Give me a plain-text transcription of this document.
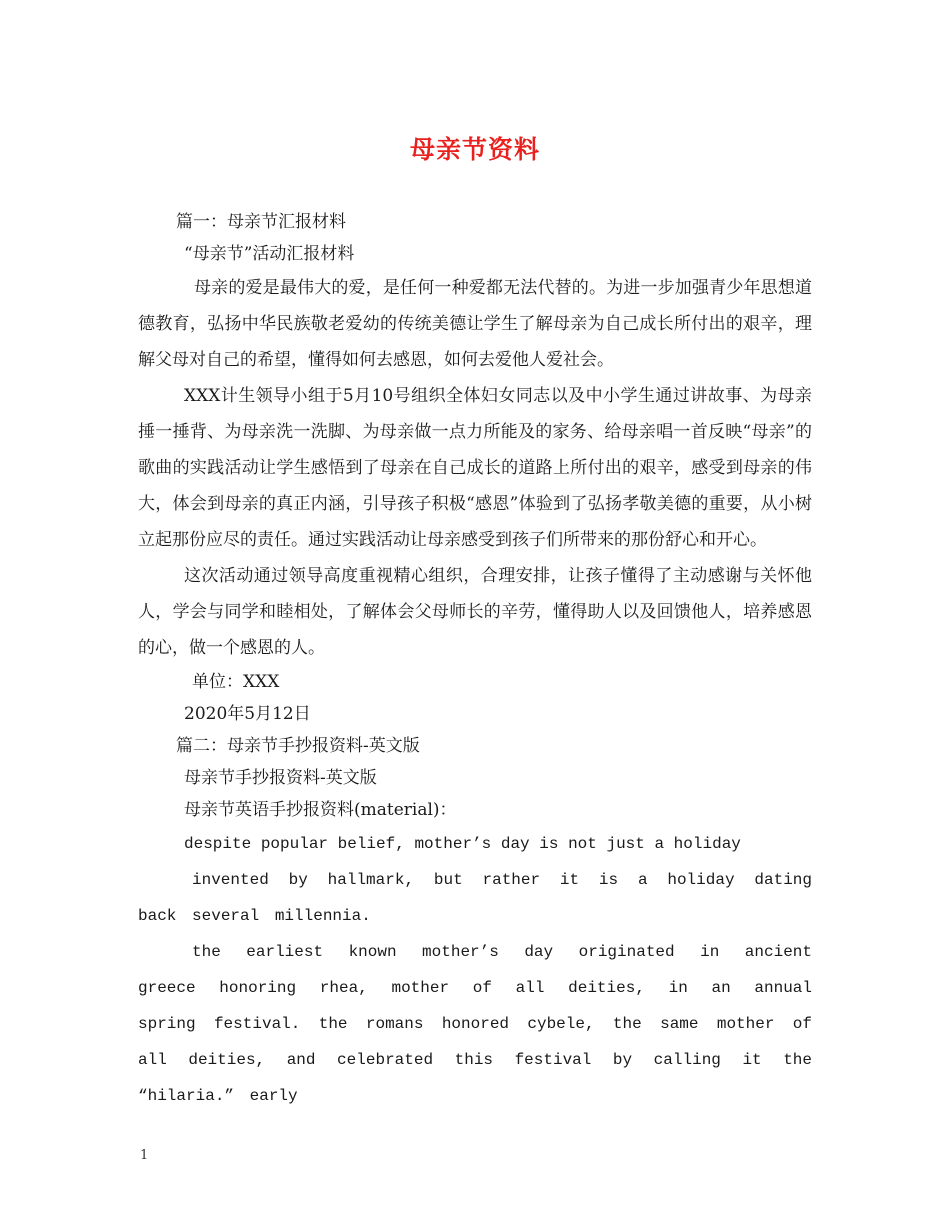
母亲节资料
篇一：母亲节汇报材料
“母亲节”活动汇报材料
母亲的爱是最伟大的爱，是任何一种爱都无法代替的。为进一步加强青少年思想道德教育，弘扬中华民族敬老爱幼的传统美德让学生了解母亲为自己成长所付出的艰辛，理解父母对自己的希望，懂得如何去感恩，如何去爱他人爱社会。
XXX计生领导小组于5月10号组织全体妇女同志以及中小学生通过讲故事、为母亲捶一捶背、为母亲洗一洗脚、为母亲做一点力所能及的家务、给母亲唱一首反映“母亲”的歌曲的实践活动让学生感悟到了母亲在自己成长的道路上所付出的艰辛，感受到母亲的伟大，体会到母亲的真正内涵，引导孩子积极“感恩”体验到了弘扬孝敬美德的重要，从小树立起那份应尽的责任。通过实践活动让母亲感受到孩子们所带来的那份舒心和开心。
这次活动通过领导高度重视精心组织，合理安排，让孩子懂得了主动感谢与关怀他人，学会与同学和睦相处，了解体会父母师长的辛劳，懂得助人以及回馈他人，培养感恩的心，做一个感恩的人。
单位：XXX
2020年5月12日
篇二：母亲节手抄报资料-英文版
母亲节手抄报资料-英文版
母亲节英语手抄报资料(material)：
despite popular belief, mother’s day is not just a holiday
invented by hallmark, but rather it is a holiday dating back several millennia.
the earliest known mother’s day originated in ancient greece honoring rhea, mother of all deities, in an annual spring festival. the romans honored cybele, the same mother of all deities, and celebrated this festival by calling it the “hilaria.” early
1
